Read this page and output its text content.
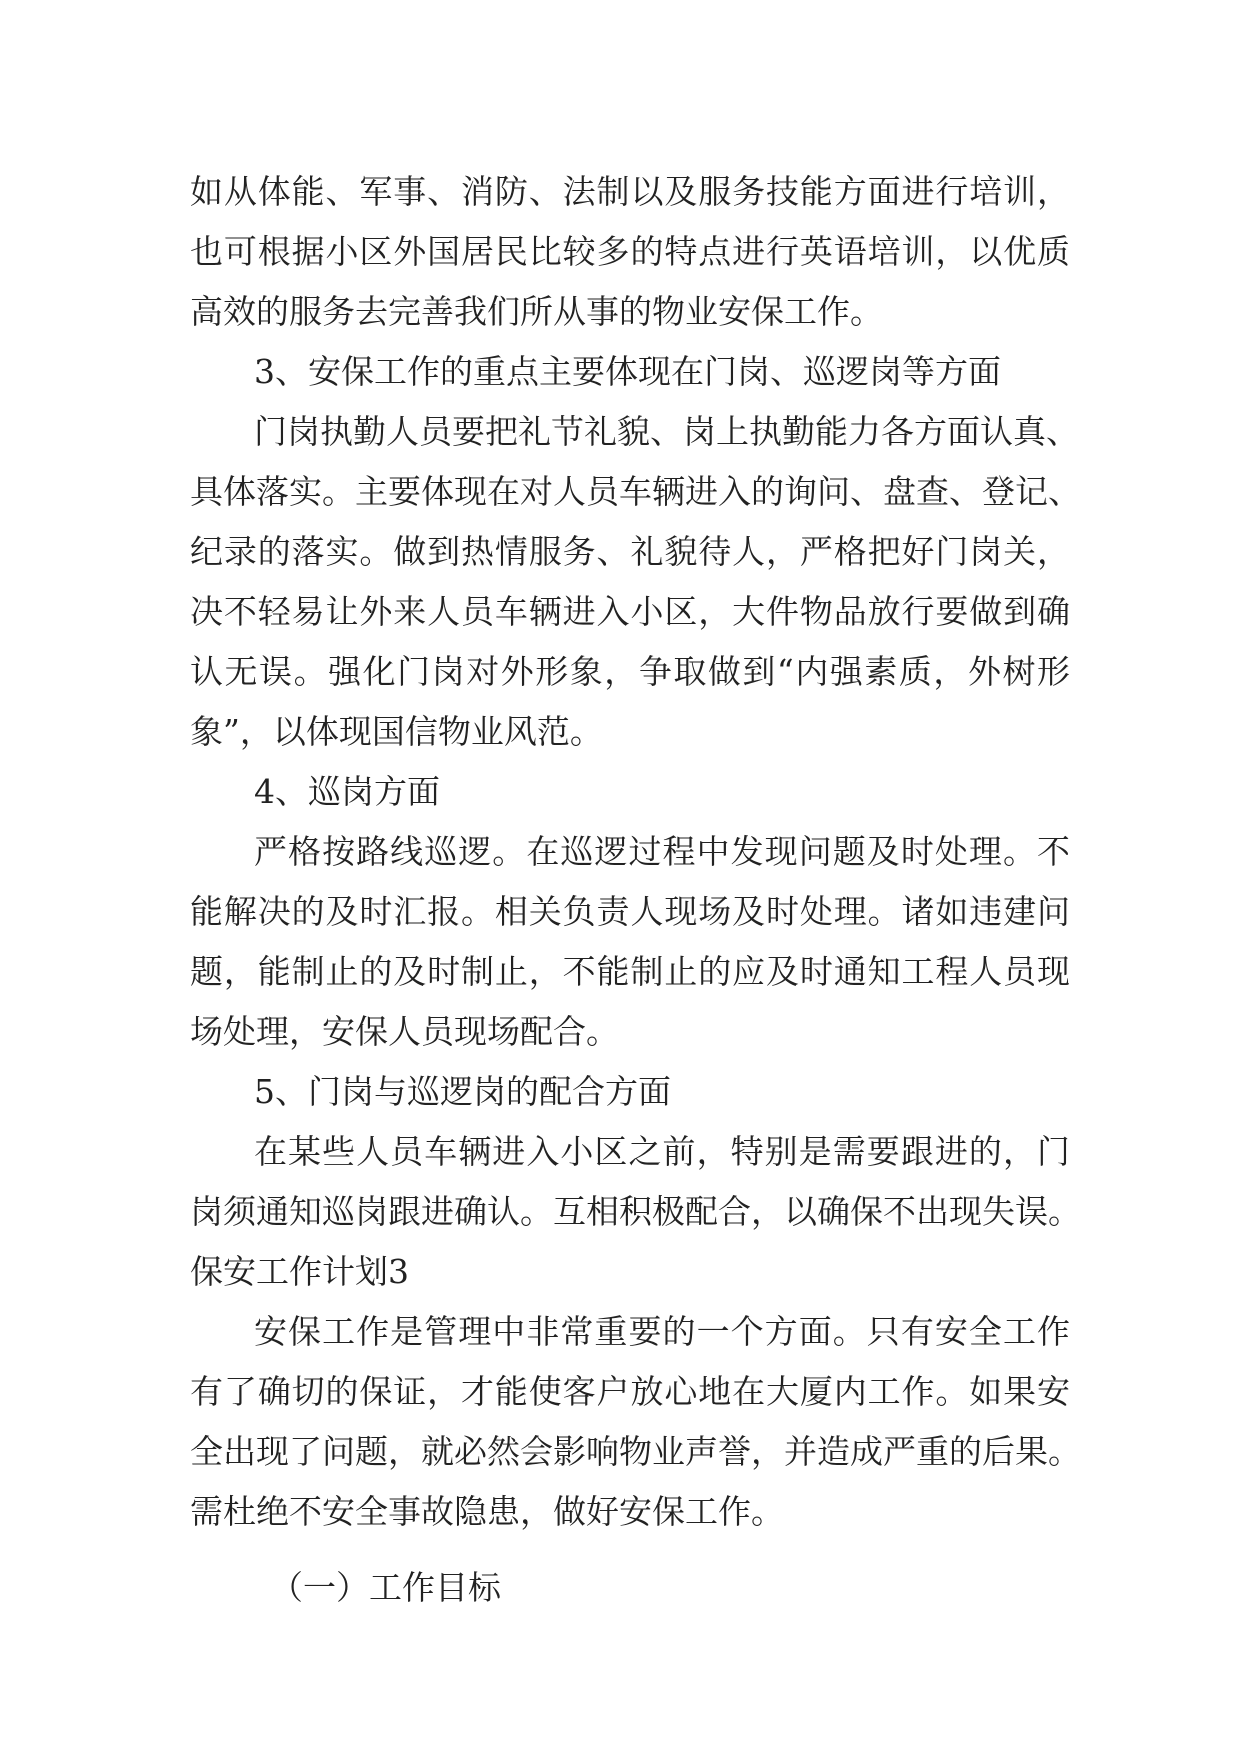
如从体能、军事、消防、法制以及服务技能方面进行培训，
也可根据小区外国居民比较多的特点进行英语培训，以优质
高效的服务去完善我们所从事的物业安保工作。
3、安保工作的重点主要体现在门岗、巡逻岗等方面
门岗执勤人员要把礼节礼貌、岗上执勤能力各方面认真、
具体落实。主要体现在对人员车辆进入的询问、盘查、登记、
纪录的落实。做到热情服务、礼貌待人，严格把好门岗关，
决不轻易让外来人员车辆进入小区，大件物品放行要做到确
认无误。强化门岗对外形象，争取做到“内强素质，外树形
象”，以体现国信物业风范。
4、巡岗方面
严格按路线巡逻。在巡逻过程中发现问题及时处理。不
能解决的及时汇报。相关负责人现场及时处理。诸如违建问
题，能制止的及时制止，不能制止的应及时通知工程人员现
场处理，安保人员现场配合。
5、门岗与巡逻岗的配合方面
在某些人员车辆进入小区之前，特别是需要跟进的，门
岗须通知巡岗跟进确认。互相积极配合，以确保不出现失误。
保安工作计划3
安保工作是管理中非常重要的一个方面。只有安全工作
有了确切的保证，才能使客户放心地在大厦内工作。如果安
全出现了问题，就必然会影响物业声誉，并造成严重的后果。
需杜绝不安全事故隐患，做好安保工作。
（一）工作目标
